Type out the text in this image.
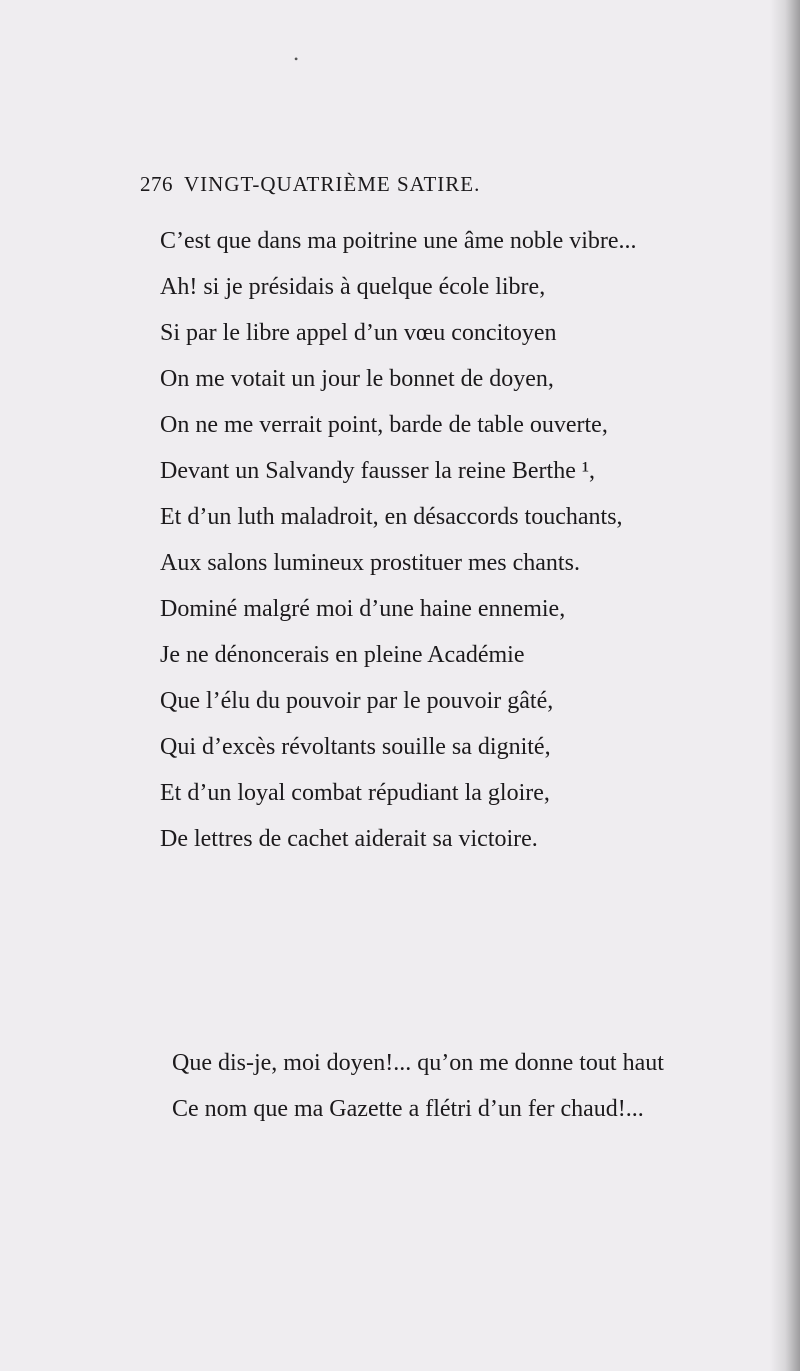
•
276 VINGT-QUATRIÈME SATIRE.
C’est que dans ma poitrine une âme noble vibre...
Ah! si je présidais à quelque école libre,
Si par le libre appel d’un vœu concitoyen
On me votait un jour le bonnet de doyen,
On ne me verrait point, barde de table ouverte,
Devant un Salvandy fausser la reine Berthe ¹,
Et d’un luth maladroit, en désaccords touchants,
Aux salons lumineux prostituer mes chants.
Dominé malgré moi d’une haine ennemie,
Je ne dénoncerais en pleine Académie
Que l’élu du pouvoir par le pouvoir gâté,
Qui d’excès révoltants souille sa dignité,
Et d’un loyal combat répudiant la gloire,
De lettres de cachet aiderait sa victoire.
Que dis-je, moi doyen!... qu’on me donne tout haut
Ce nom que ma Gazette a flétri d’un fer chaud!...
